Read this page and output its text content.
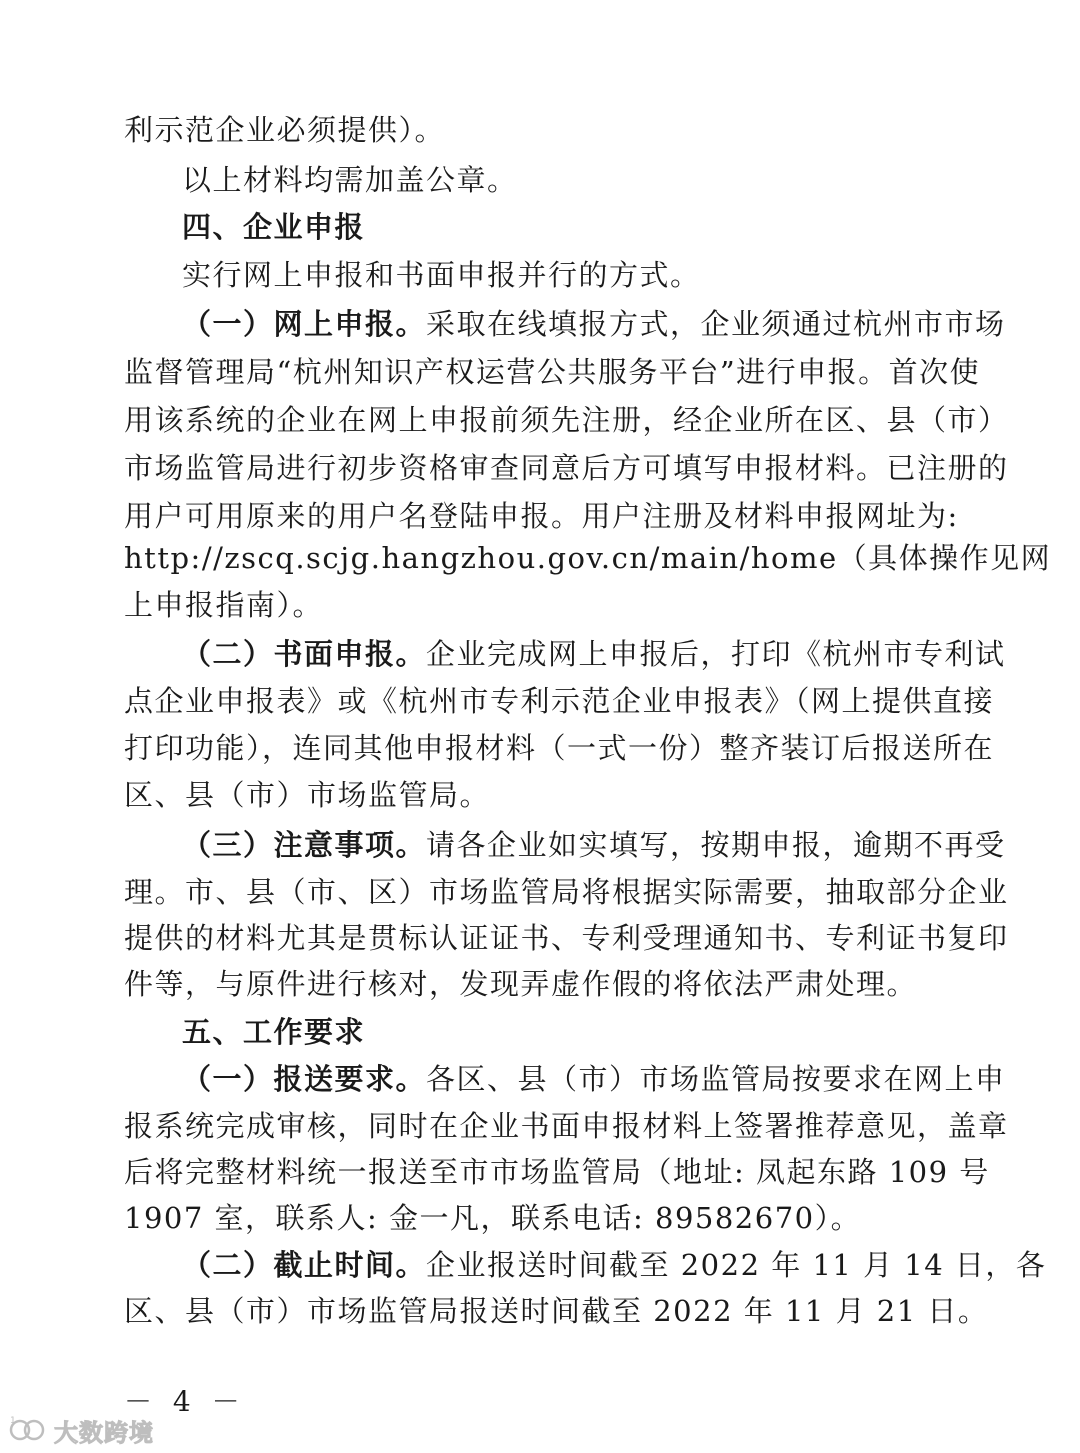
利示范企业必须提供）。
以上材料均需加盖公章。
四、企业申报
实行网上申报和书面申报并行的方式。
（一）网上申报。采取在线填报方式，企业须通过杭州市市场
监督管理局“杭州知识产权运营公共服务平台”进行申报。首次使
用该系统的企业在网上申报前须先注册，经企业所在区、县（市）
市场监管局进行初步资格审查同意后方可填写申报材料。已注册的
用户可用原来的用户名登陆申报。用户注册及材料申报网址为:
http://zscq.scjg.hangzhou.gov.cn/main/home（具体操作见网
上申报指南）。
（二）书面申报。企业完成网上申报后，打印《杭州市专利试
点企业申报表》或《杭州市专利示范企业申报表》（网上提供直接
打印功能），连同其他申报材料（一式一份）整齐装订后报送所在
区、县（市）市场监管局。
（三）注意事项。请各企业如实填写，按期申报，逾期不再受
理。市、县（市、区）市场监管局将根据实际需要，抽取部分企业
提供的材料尤其是贯标认证证书、专利受理通知书、专利证书复印
件等，与原件进行核对，发现弄虚作假的将依法严肃处理。
五、工作要求
（一）报送要求。各区、县（市）市场监管局按要求在网上申
报系统完成审核，同时在企业书面申报材料上签署推荐意见，盖章
后将完整材料统一报送至市市场监管局（地址: 凤起东路 109 号
1907 室，联系人: 金一凡，联系电话: 89582670）。
（二）截止时间。企业报送时间截至 2022 年 11 月 14 日，各
区、县（市）市场监管局报送时间截至 2022 年 11 月 21 日。
－ 4 －
1 大数跨境
